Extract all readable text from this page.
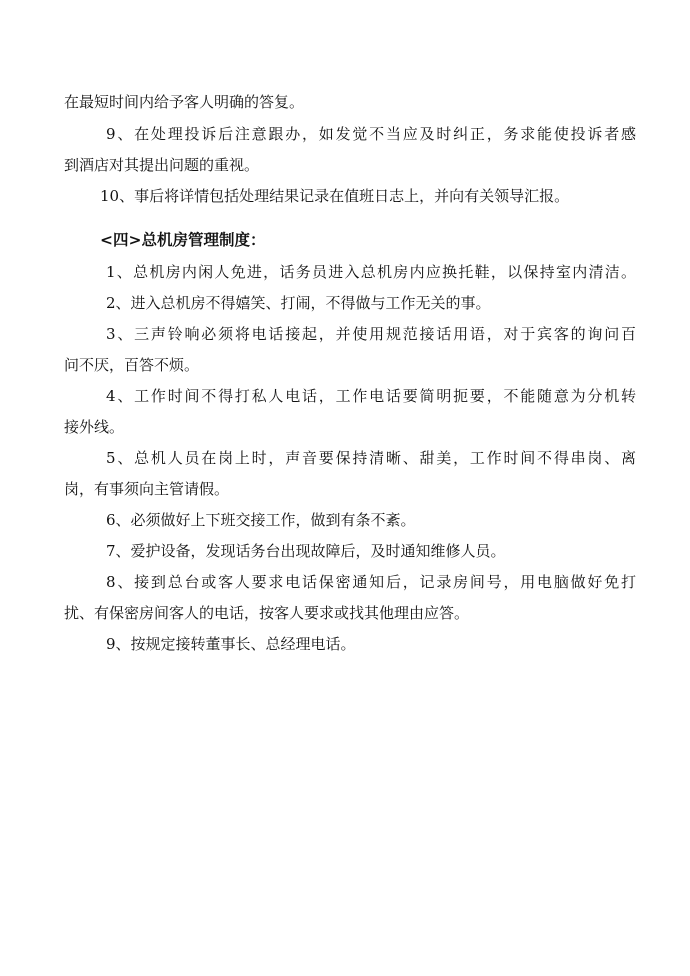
在最短时间内给予客人明确的答复。
9、在处理投诉后注意跟办，如发觉不当应及时纠正，务求能使投诉者感
到酒店对其提出问题的重视。
10、事后将详情包括处理结果记录在值班日志上，并向有关领导汇报。
<四>总机房管理制度：
1、总机房内闲人免进，话务员进入总机房内应换托鞋，以保持室内清洁。
2、进入总机房不得嬉笑、打闹，不得做与工作无关的事。
3、三声铃响必须将电话接起，并使用规范接话用语，对于宾客的询问百
问不厌，百答不烦。
4、工作时间不得打私人电话，工作电话要简明扼要，不能随意为分机转
接外线。
5、总机人员在岗上时，声音要保持清晰、甜美，工作时间不得串岗、离
岗，有事须向主管请假。
6、必须做好上下班交接工作，做到有条不紊。
7、爱护设备，发现话务台出现故障后，及时通知维修人员。
8、接到总台或客人要求电话保密通知后，记录房间号，用电脑做好免打
扰、有保密房间客人的电话，按客人要求或找其他理由应答。
9、按规定接转董事长、总经理电话。
